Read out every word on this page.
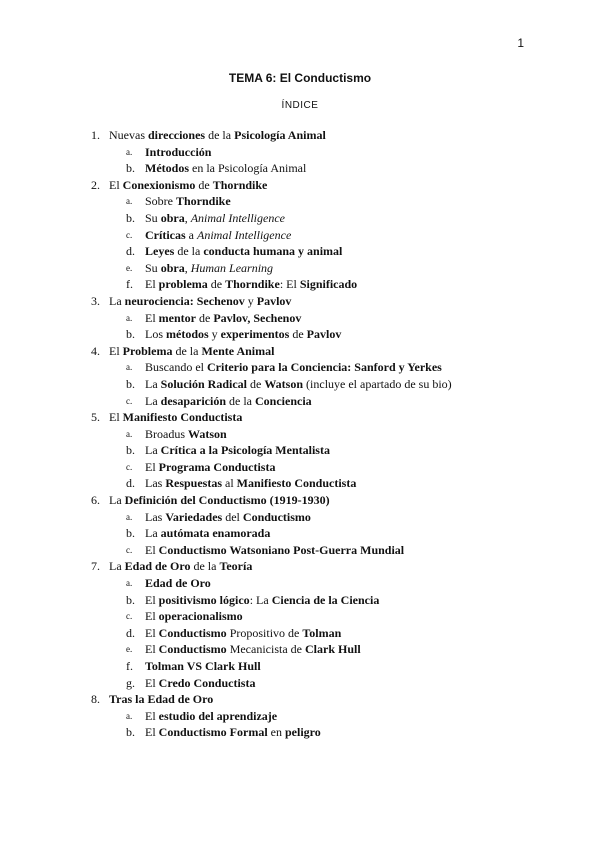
1
TEMA 6: El Conductismo
ÍNDICE
1. Nuevas direcciones de la Psicología Animal
a. Introducción
b. Métodos en la Psicología Animal
2. El Conexionismo de Thorndike
a. Sobre Thorndike
b. Su obra, Animal Intelligence
c. Críticas a Animal Intelligence
d. Leyes de la conducta humana y animal
e. Su obra, Human Learning
f. El problema de Thorndike: El Significado
3. La neurociencia: Sechenov y Pavlov
a. El mentor de Pavlov, Sechenov
b. Los métodos y experimentos de Pavlov
4. El Problema de la Mente Animal
a. Buscando el Criterio para la Conciencia: Sanford y Yerkes
b. La Solución Radical de Watson (incluye el apartado de su bio)
c. La desaparición de la Conciencia
5. El Manifiesto Conductista
a. Broadus Watson
b. La Crítica a la Psicología Mentalista
c. El Programa Conductista
d. Las Respuestas al Manifiesto Conductista
6. La Definición del Conductismo (1919-1930)
a. Las Variedades del Conductismo
b. La autómata enamorada
c. El Conductismo Watsoniano Post-Guerra Mundial
7. La Edad de Oro de la Teoría
a. Edad de Oro
b. El positivismo lógico: La Ciencia de la Ciencia
c. El operacionalismo
d. El Conductismo Propositivo de Tolman
e. El Conductismo Mecanicista de Clark Hull
f. Tolman VS Clark Hull
g. El Credo Conductista
8. Tras la Edad de Oro
a. El estudio del aprendizaje
b. El Conductismo Formal en peligro
